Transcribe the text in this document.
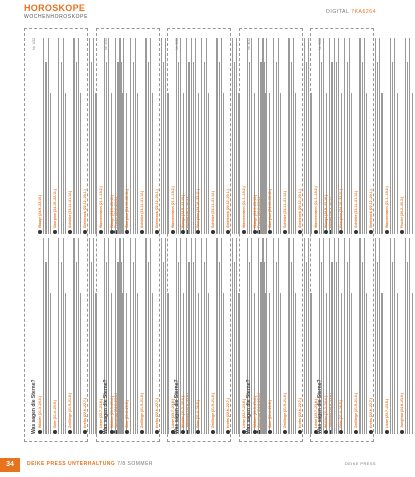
HOROSKOPE
WOCHENHOROSKOPE
DIGITAL 7KA6264
Was sagen die Sterne?
Nr. 1/22
Widder (21.3.-20.4.)	Stier (21.4.-20.5.)	Zwillinge (21.5.-21.6.)	Krebs (22.6.-22.7.)	Löwe (23.7.-23.8.)
Waage (24.9.-23.10.)	Skorpion (24.10.-22.11.)	Schütze (23.11.-21.12.)	Steinbock (22.12.-20.1.)	Wassermann (21.1.-19.2.)
Was sagen die Sterne?
Nr. 2/22
Widder (21.3.-20.4.)	Stier (21.4.-20.5.)	Zwillinge (21.5.-21.6.)	Krebs (22.6.-22.7.)	Löwe (23.7.-23.8.)
Waage (24.9.-23.10.)	Skorpion (24.10.-22.11.)	Schütze (23.11.-21.12.)	Steinbock (22.12.-20.1.)	Wassermann (21.1.-19.2.)
Was sagen die Sterne?
Nr. 3/22
Widder (21.3.-20.4.)	Stier (21.4.-20.5.)	Zwillinge (21.5.-21.6.)	Krebs (22.6.-22.7.)	Löwe (23.7.-23.8.)
Waage (24.9.-23.10.)	Skorpion (24.10.-22.11.)	Schütze (23.11.-21.12.)	Steinbock (22.12.-20.1.)	Wassermann (21.1.-19.2.)
Was sagen die Sterne?
Nr. 4/22
Widder (21.3.-20.4.)	Stier (21.4.-20.5.)	Zwillinge (21.5.-21.6.)	Krebs (22.6.-22.7.)	Löwe (23.7.-23.8.)
Waage (24.9.-23.10.)	Skorpion (24.10.-22.11.)	Schütze (23.11.-21.12.)	Steinbock (22.12.-20.1.)	Wassermann (21.1.-19.2.)
Was sagen die Sterne?
Nr. 5/22
Widder (21.3.-20.4.)	Stier (21.4.-20.5.)	Zwillinge (21.5.-21.6.)	Krebs (22.6.-22.7.)	Löwe (23.7.-23.8.)	Jungfrau (24.8.-23.9.)
Waage (24.9.-23.10.)	Skorpion (24.10.-22.11.)	Schütze (23.11.-21.12.)	Steinbock (22.12.-20.1.)	Wassermann (21.1.-19.2.)	Fische (20.2.-20.3.)
34	DEIKE PRESS UNTERHALTUNG 7/8 SOMMER	DEIKE PRESS
